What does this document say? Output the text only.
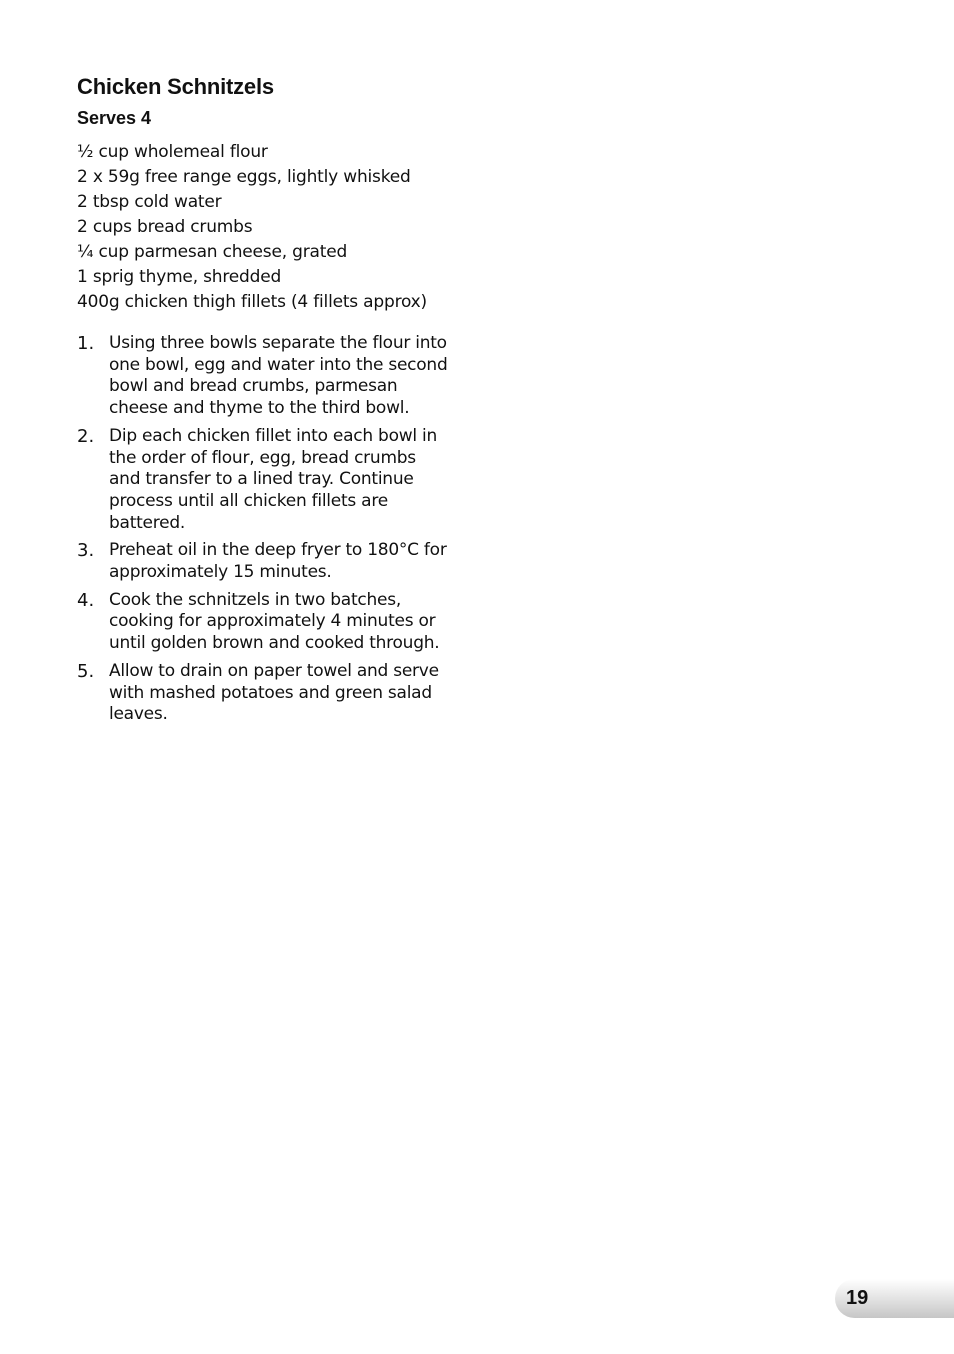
Chicken Schnitzels
Serves 4
½ cup wholemeal flour
2 x 59g free range eggs, lightly whisked
2 tbsp cold water
2 cups bread crumbs
¼ cup parmesan cheese, grated
1 sprig thyme, shredded
400g chicken thigh fillets (4 fillets approx)
1. Using three bowls separate the flour into one bowl, egg and water into the second bowl and bread crumbs, parmesan cheese and thyme to the third bowl.
2. Dip each chicken fillet into each bowl in the order of flour, egg, bread crumbs and transfer to a lined tray. Continue process until all chicken fillets are battered.
3. Preheat oil in the deep fryer to 180°C for approximately 15 minutes.
4. Cook the schnitzels in two batches, cooking for approximately 4 minutes or until golden brown and cooked through.
5. Allow to drain on paper towel and serve with mashed potatoes and green salad leaves.
19
